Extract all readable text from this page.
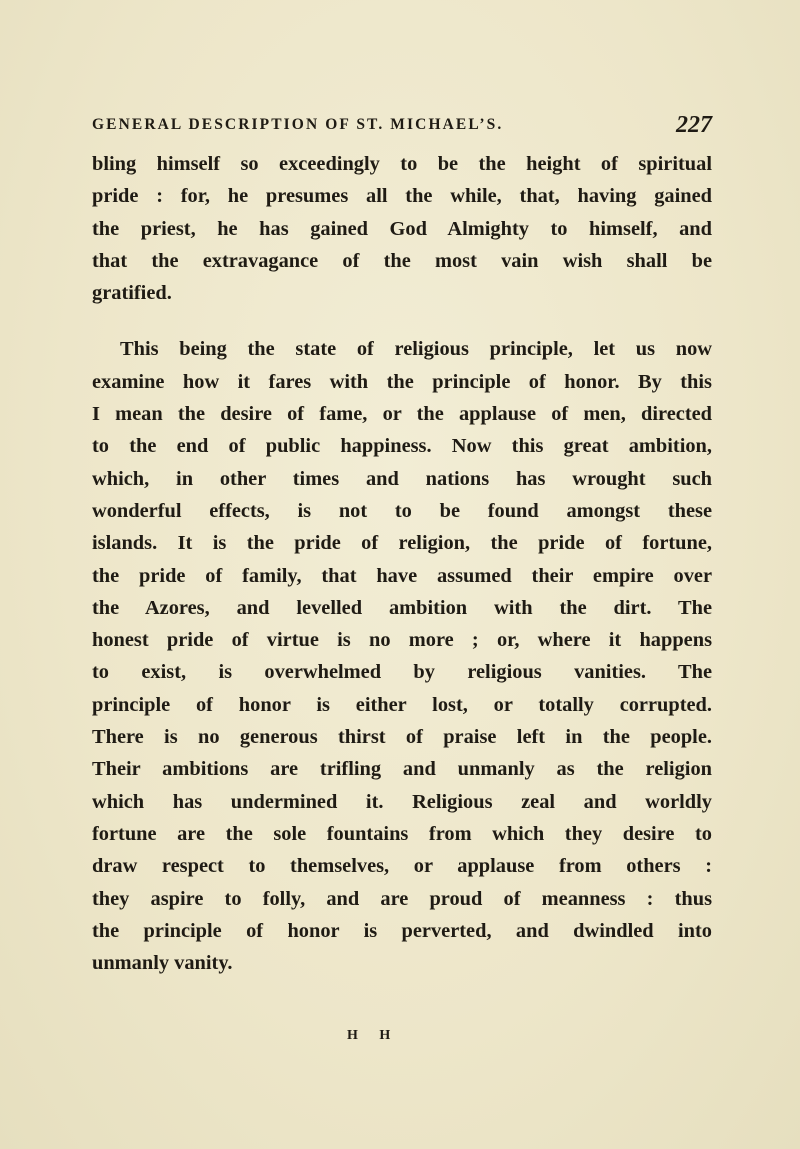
GENERAL DESCRIPTION OF ST. MICHAEL’S.	227
bling himself so exceedingly to be the height of spiritual
pride : for, he presumes all the while, that, having gained
the priest, he has gained God Almighty to himself, and
that the extravagance of the most vain wish shall be
gratified.
This being the state of religious principle, let us now
examine how it fares with the principle of honor. By this
I mean the desire of fame, or the applause of men, directed
to the end of public happiness. Now this great ambition,
which, in other times and nations has wrought such
wonderful effects, is not to be found amongst these
islands. It is the pride of religion, the pride of fortune,
the pride of family, that have assumed their empire over
the Azores, and levelled ambition with the dirt. The
honest pride of virtue is no more ; or, where it happens
to exist, is overwhelmed by religious vanities. The
principle of honor is either lost, or totally corrupted.
There is no generous thirst of praise left in the people.
Their ambitions are trifling and unmanly as the religion
which has undermined it. Religious zeal and worldly
fortune are the sole fountains from which they desire to
draw respect to themselves, or applause from others :
they aspire to folly, and are proud of meanness : thus
the principle of honor is perverted, and dwindled into
unmanly vanity.
H H
